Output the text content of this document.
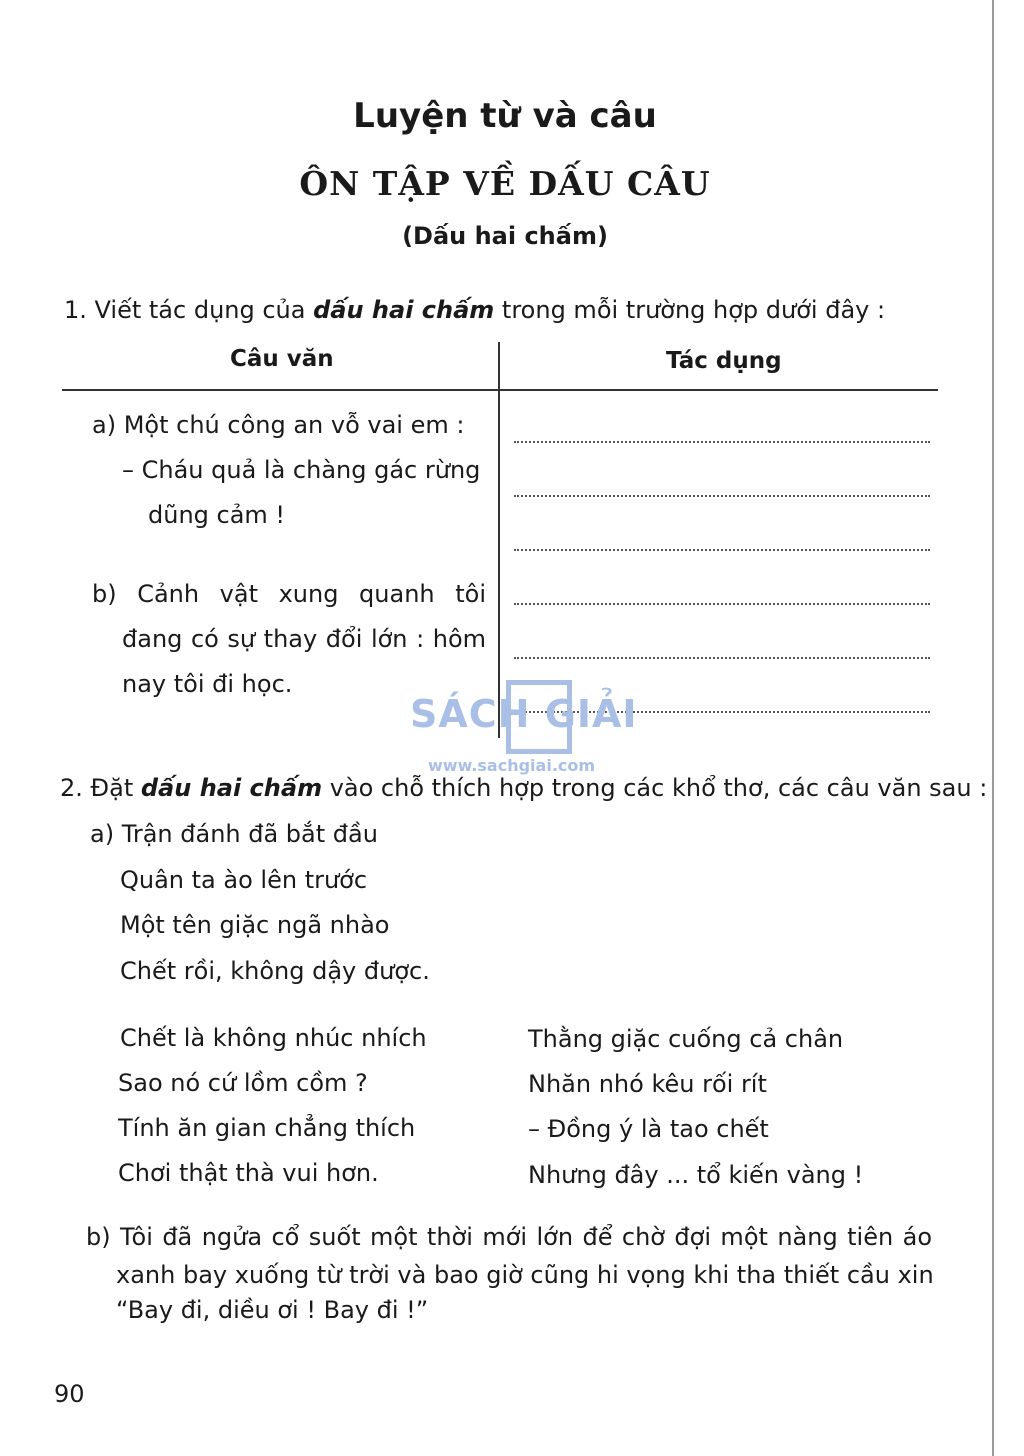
Luyện từ và câu
ÔN TẬP VỀ DẤU CÂU
(Dấu hai chấm)
1. Viết tác dụng của dấu hai chấm trong mỗi trường hợp dưới đây :
Câu văn	Tác dụng
a) Một chú công an vỗ vai em :
– Cháu quả là chàng gác rừng
dũng cảm !
b) Cảnh vật xung quanh tôi
đang có sự thay đổi lớn : hôm
nay tôi đi học.
SÁCH GIẢI
www.sachgiai.com
2. Đặt dấu hai chấm vào chỗ thích hợp trong các khổ thơ, các câu văn sau :
a) Trận đánh đã bắt đầu
Quân ta ào lên trước
Một tên giặc ngã nhào
Chết rồi, không dậy được.
Chết là không nhúc nhích
Sao nó cứ lồm cồm ?
Tính ăn gian chẳng thích
Chơi thật thà vui hơn.
Thằng giặc cuống cả chân
Nhăn nhó kêu rối rít
– Đồng ý là tao chết
Nhưng đây ... tổ kiến vàng !
b) Tôi đã ngửa cổ suốt một thời mới lớn để chờ đợi một nàng tiên áo
xanh bay xuống từ trời và bao giờ cũng hi vọng khi tha thiết cầu xin
“Bay đi, diều ơi ! Bay đi !”
90
